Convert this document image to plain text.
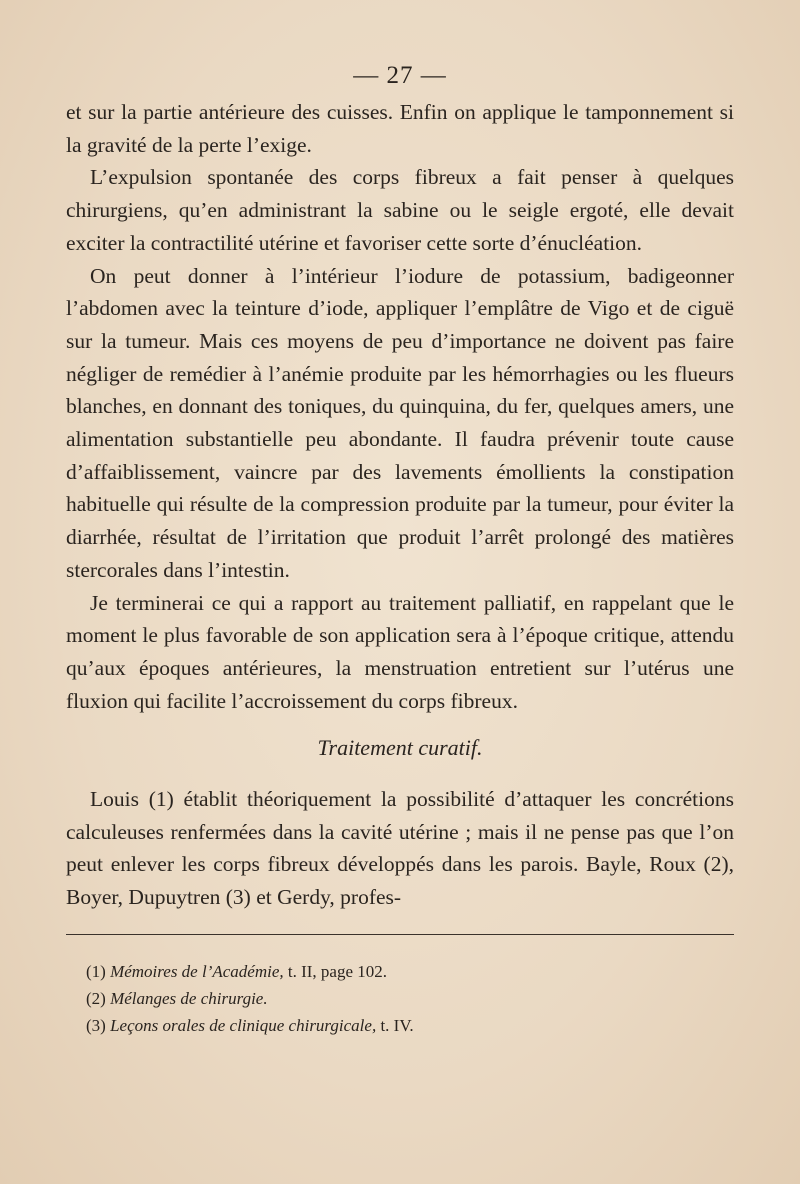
— 27 —

et sur la partie antérieure des cuisses. Enfin on applique le tamponnement si la gravité de la perte l’exige.

L’expulsion spontanée des corps fibreux a fait penser à quelques chirurgiens, qu’en administrant la sabine ou le seigle ergoté, elle devait exciter la contractilité utérine et favoriser cette sorte d’énucléation.

On peut donner à l’intérieur l’iodure de potassium, badigeonner l’abdomen avec la teinture d’iode, appliquer l’emplâtre de Vigo et de ciguë sur la tumeur. Mais ces moyens de peu d’importance ne doivent pas faire négliger de remédier à l’anémie produite par les hémorrhagies ou les flueurs blanches, en donnant des toniques, du quinquina, du fer, quelques amers, une alimentation substantielle peu abondante. Il faudra prévenir toute cause d’affaiblissement, vaincre par des lavements émollients la constipation habituelle qui résulte de la compression produite par la tumeur, pour éviter la diarrhée, résultat de l’irritation que produit l’arrêt prolongé des matières stercorales dans l’intestin.

Je terminerai ce qui a rapport au traitement palliatif, en rappelant que le moment le plus favorable de son application sera à l’époque critique, attendu qu’aux époques antérieures, la menstruation entretient sur l’utérus une fluxion qui facilite l’accroissement du corps fibreux.

Traitement curatif.

Louis (1) établit théoriquement la possibilité d’attaquer les concrétions calculeuses renfermées dans la cavité utérine ; mais il ne pense pas que l’on peut enlever les corps fibreux développés dans les parois. Bayle, Roux (2), Boyer, Dupuytren (3) et Gerdy, profes-

(1) Mémoires de l’Académie, t. II, page 102.
(2) Mélanges de chirurgie.
(3) Leçons orales de clinique chirurgicale, t. IV.
